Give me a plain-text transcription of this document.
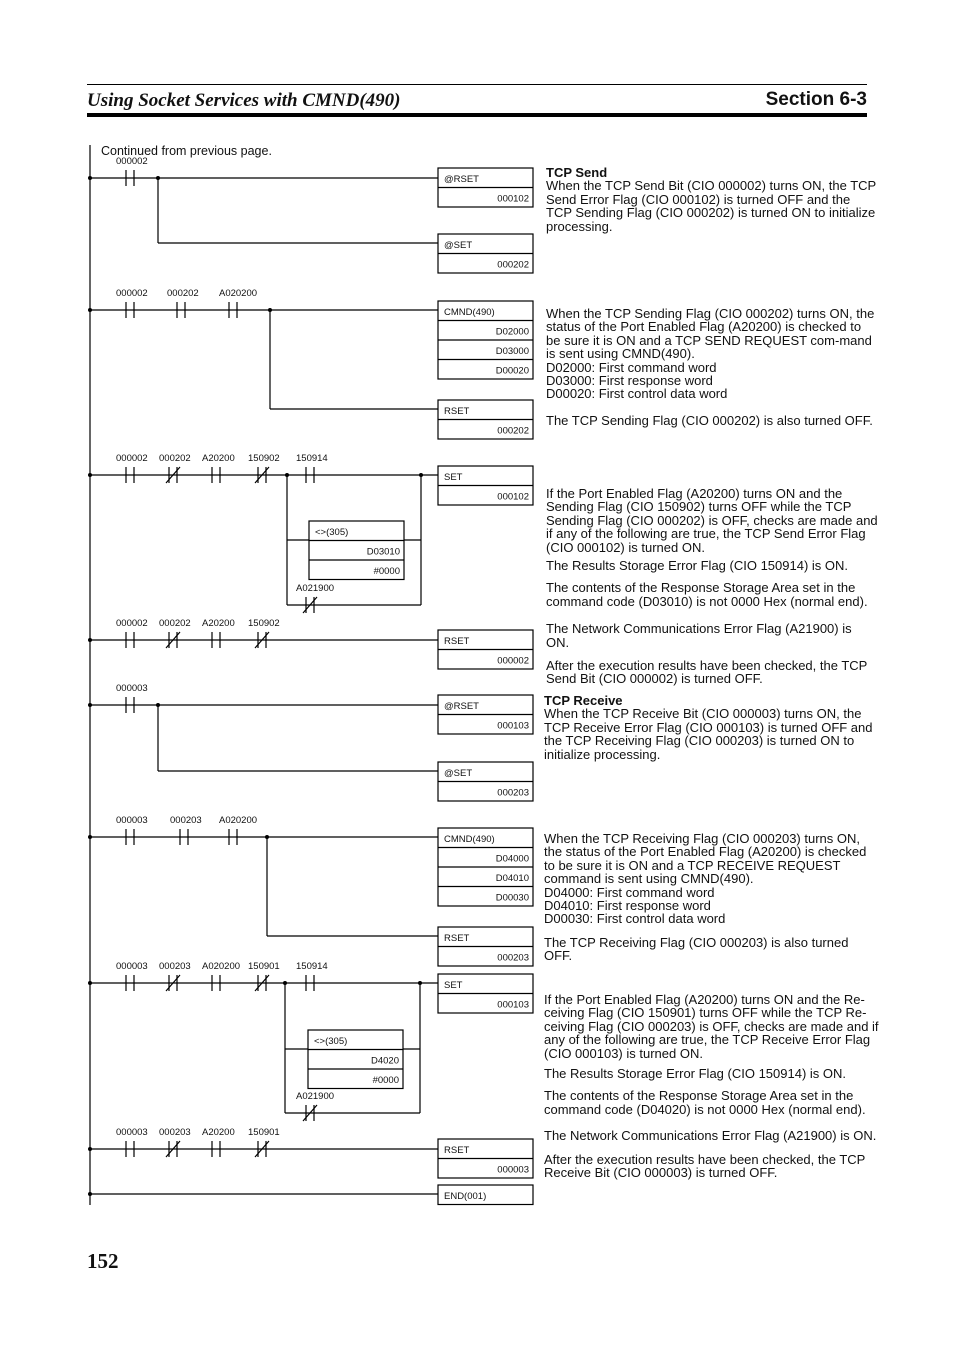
Using Socket Services with CMND(490)	Section 6-3
Continued from previous page.
000002
@RSET
000102
@SET
000202
000002 000202 A020200
CMND(490)
D02000
D03000
D00020
RSET
000202
000002 000202 A20200 150902 150914
SET
000102
<>(305)
D03010
#0000
A021900
000002 000202 A20200 150902
RSET
000002
000003
@RSET
000103
@SET
000203
000003 000203 A020200
CMND(490)
D04000
D04010
D00030
RSET
000203
000003 000203 A020200 150901 150914
SET
000103
<>(305)
D4020
#0000
A021900
000003 000203 A20200 150901
RSET
000003
END(001)

TCP Send

When the TCP Send Bit (CIO 000002) turns ON, the TCP Send Error Flag (CIO 000102) is turned OFF and the TCP Sending Flag (CIO 000202) is turned ON to initialize processing.

When the TCP Sending Flag (CIO 000202) turns ON, the status of the Port Enabled Flag (A20200) is checked to be sure it is ON and a TCP SEND REQUEST com-mand is sent using CMND(490).

D02000: First command word

D03000: First response word

D00020: First control data word

The TCP Sending Flag (CIO 000202) is also turned OFF.

If the Port Enabled Flag (A20200) turns ON and the Sending Flag (CIO 150902) turns OFF while the TCP Sending Flag (CIO 000202) is OFF, checks are made and if any of the following are true, the TCP Send Error Flag (CIO 000102) is turned ON.

The Results Storage Error Flag (CIO 150914) is ON.

The contents of the Response Storage Area set in the command code (D03010) is not 0000 Hex (normal end).

The Network Communications Error Flag (A21900) is ON.

After the execution results have been checked, the TCP Send Bit (CIO 000002) is turned OFF.

TCP Receive

When the TCP Receive Bit (CIO 000003) turns ON, the TCP Receive Error Flag (CIO 000103) is turned OFF and the TCP Receiving Flag (CIO 000203) is turned ON to initialize processing.

When the TCP Receiving Flag (CIO 000203) turns ON, the status of the Port Enabled Flag (A20200) is checked to be sure it is ON and a TCP RECEIVE REQUEST command is sent using CMND(490).

D04000: First command word

D04010: First response word

D00030: First control data word

The TCP Receiving Flag (CIO 000203) is also turned OFF.

If the Port Enabled Flag (A20200) turns ON and the Re-ceiving Flag (CIO 150901) turns OFF while the TCP Re-ceiving Flag (CIO 000203) is OFF, checks are made and if any of the following are true, the TCP Receive Error Flag (CIO 000103) is turned ON.

The Results Storage Error Flag (CIO 150914) is ON.

The contents of the Response Storage Area set in the command code (D04020) is not 0000 Hex (normal end).

The Network Communications Error Flag (A21900) is ON.

After the execution results have been checked, the TCP Receive Bit (CIO 000003) is turned OFF.

152
